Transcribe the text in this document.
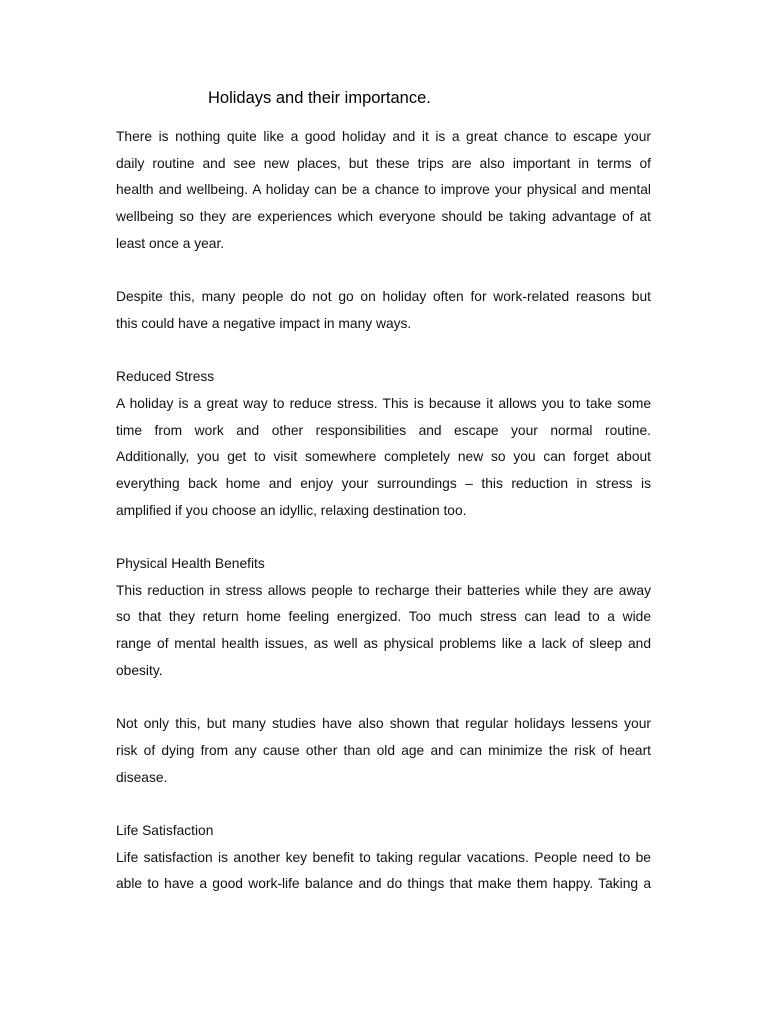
Holidays and their importance.
There is nothing quite like a good holiday and it is a great chance to escape your
daily routine and see new places, but these trips are also important in terms of
health and wellbeing. A holiday can be a chance to improve your physical and mental
wellbeing so they are experiences which everyone should be taking advantage of at
least once a year.
Despite this, many people do not go on holiday often for work-related reasons but
this could have a negative impact in many ways.
Reduced Stress
A holiday is a great way to reduce stress. This is because it allows you to take some
time from work and other responsibilities and escape your normal routine.
Additionally, you get to visit somewhere completely new so you can forget about
everything back home and enjoy your surroundings – this reduction in stress is
amplified if you choose an idyllic, relaxing destination too.
Physical Health Benefits
This reduction in stress allows people to recharge their batteries while they are away
so that they return home feeling energized. Too much stress can lead to a wide
range of mental health issues, as well as physical problems like a lack of sleep and
obesity.
Not only this, but many studies have also shown that regular holidays lessens your
risk of dying from any cause other than old age and can minimize the risk of heart
disease.
Life Satisfaction
Life satisfaction is another key benefit to taking regular vacations. People need to be
able to have a good work-life balance and do things that make them happy. Taking a
